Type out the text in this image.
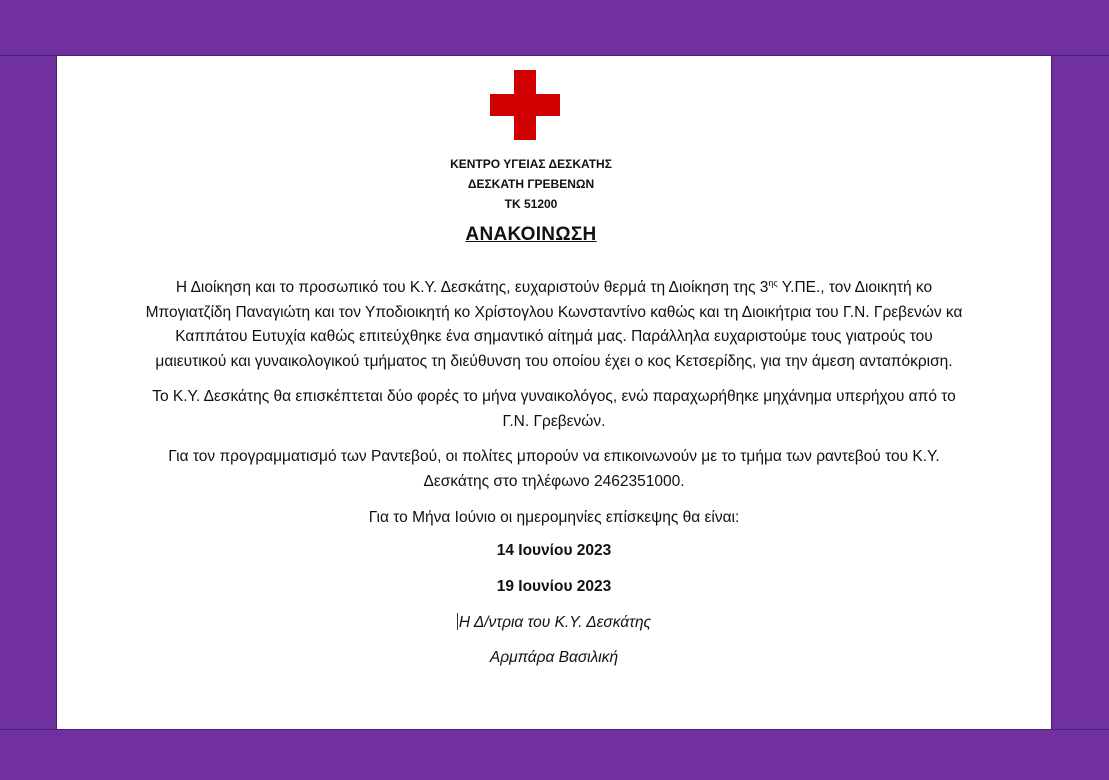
ΚΕΝΤΡΟ ΥΓΕΙΑΣ ΔΕΣΚΑΤΗΣ
ΔΕΣΚΑΤΗ ΓΡΕΒΕΝΩΝ
ΤΚ 51200
ΑΝΑΚΟΙΝΩΣΗ
Η Διοίκηση και το προσωπικό του Κ.Υ. Δεσκάτης, ευχαριστούν θερμά τη Διοίκηση της $3^{\eta\varsigma}$ Υ.ΠΕ., τον Διοικητή κο
Μπογιατζίδη Παναγιώτη και τον Υποδιοικητή κο Χρίστογλου Κωνσταντίνο καθώς και τη Διοικήτρια του Γ.Ν. Γρεβενών κα
Καππάτου Ευτυχία καθώς επιτεύχθηκε ένα σημαντικό αίτημά μας. Παράλληλα ευχαριστούμε τους γιατρούς του
μαιευτικού και γυναικολογικού τμήματος τη διεύθυνση του οποίου έχει ο κος Κετσερίδης, για την άμεση ανταπόκριση.
Το Κ.Υ. Δεσκάτης θα επισκέπτεται δύο φορές το μήνα γυναικολόγος, ενώ παραχωρήθηκε μηχάνημα υπερήχου από το
Γ.Ν. Γρεβενών.
Για τον προγραμματισμό των Ραντεβού, οι πολίτες μπορούν να επικοινωνούν με το τμήμα των ραντεβού του Κ.Υ.
Δεσκάτης στο τηλέφωνο 2462351000.
Για το Μήνα Ιούνιο οι ημερομηνίες επίσκεψης θα είναι:
14 Ιουνίου 2023
19 Ιουνίου 2023
Η Δ/ντρια του Κ.Υ. Δεσκάτης
Αρμπάρα Βασιλική
